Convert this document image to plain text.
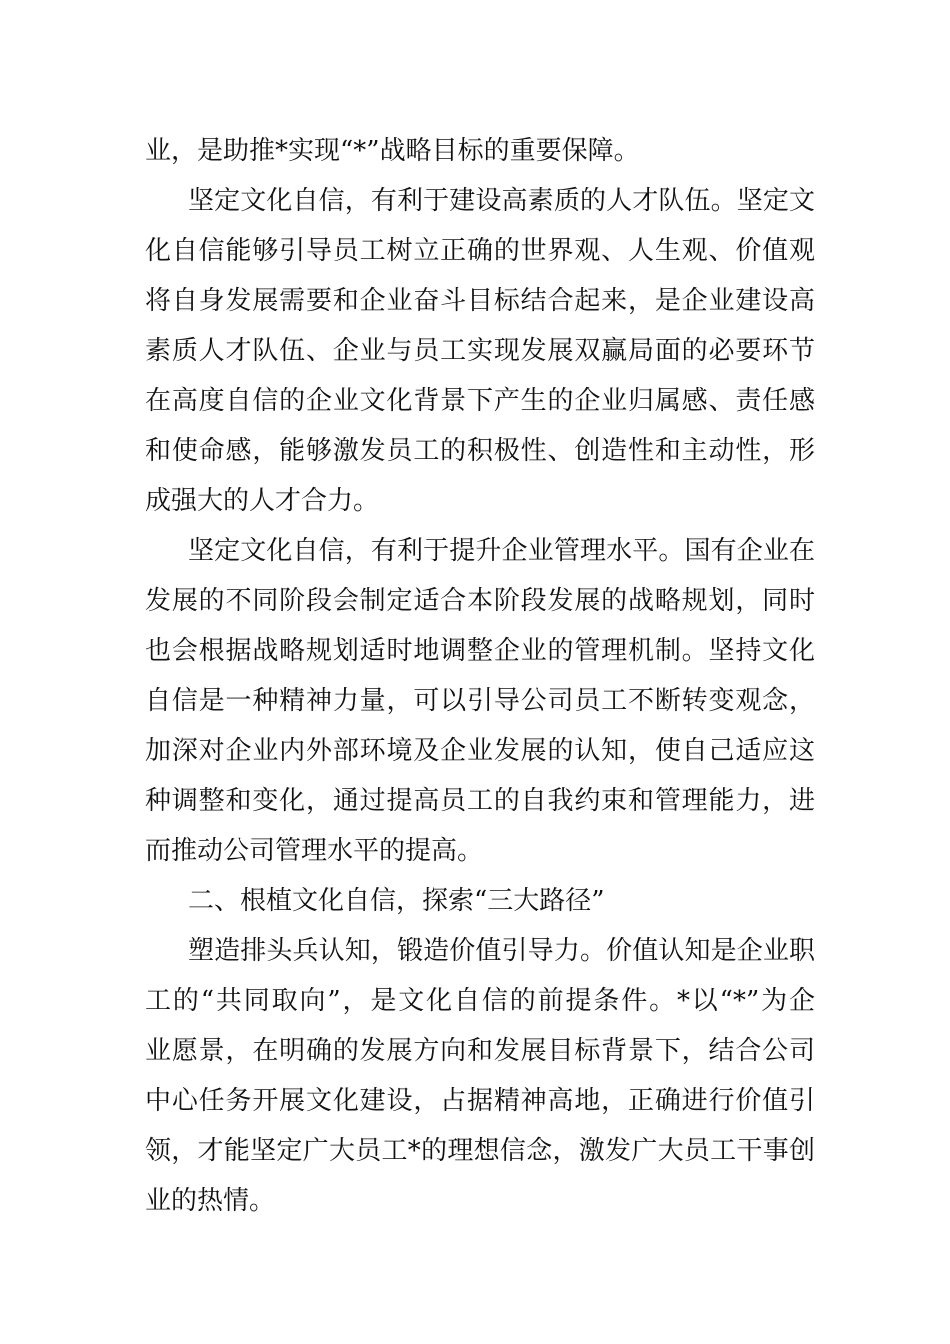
业，是助推*实现“*”战略目标的重要保障。
坚定文化自信，有利于建设高素质的人才队伍。坚定文
化自信能够引导员工树立正确的世界观、人生观、价值观
将自身发展需要和企业奋斗目标结合起来，是企业建设高
素质人才队伍、企业与员工实现发展双赢局面的必要环节
在高度自信的企业文化背景下产生的企业归属感、责任感
和使命感，能够激发员工的积极性、创造性和主动性，形
成强大的人才合力。
坚定文化自信，有利于提升企业管理水平。国有企业在
发展的不同阶段会制定适合本阶段发展的战略规划，同时
也会根据战略规划适时地调整企业的管理机制。坚持文化
自信是一种精神力量，可以引导公司员工不断转变观念，
加深对企业内外部环境及企业发展的认知，使自己适应这
种调整和变化，通过提高员工的自我约束和管理能力，进
而推动公司管理水平的提高。
二、根植文化自信，探索“三大路径”
塑造排头兵认知，锻造价值引导力。价值认知是企业职
工的“共同取向”，是文化自信的前提条件。*以“*”为企
业愿景，在明确的发展方向和发展目标背景下，结合公司
中心任务开展文化建设，占据精神高地，正确进行价值引
领，才能坚定广大员工*的理想信念，激发广大员工干事创
业的热情。
